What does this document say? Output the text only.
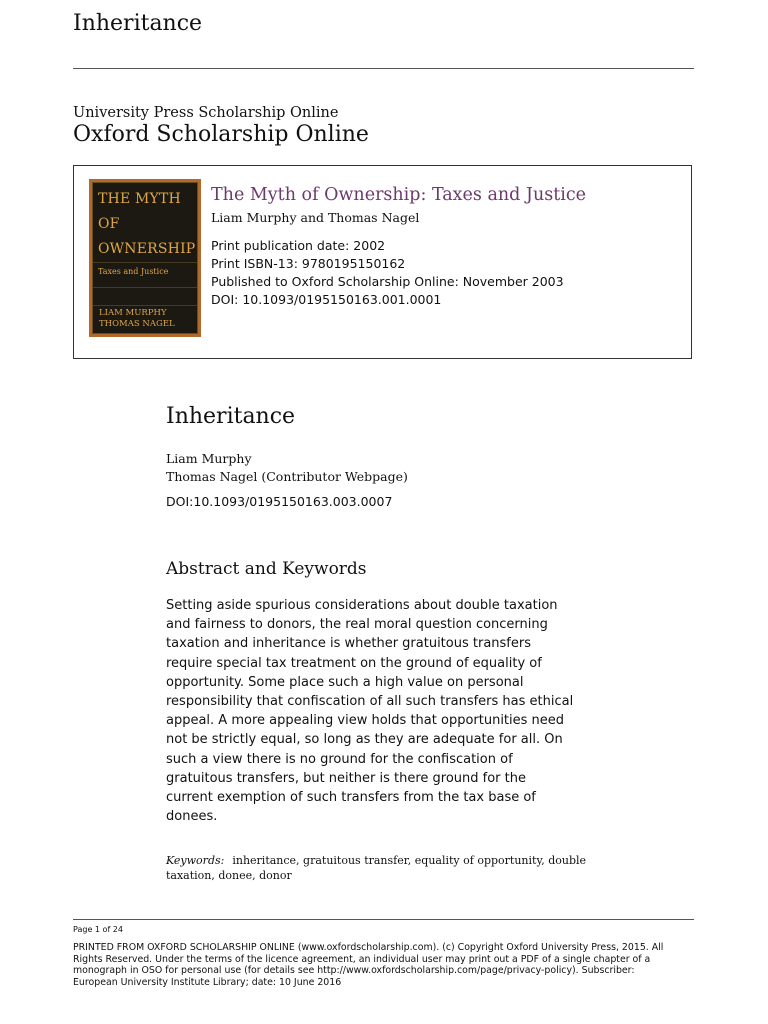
Inheritance
University Press Scholarship Online
Oxford Scholarship Online
THE MYTH
OF
OWNERSHIP
Taxes and Justice
LIAM MURPHY
THOMAS NAGEL
The Myth of Ownership: Taxes and Justice
Liam Murphy and Thomas Nagel
Print publication date: 2002
Print ISBN-13: 9780195150162
Published to Oxford Scholarship Online: November 2003
DOI: 10.1093/0195150163.001.0001
Inheritance
Liam Murphy
Thomas Nagel (Contributor Webpage)
DOI:10.1093/0195150163.003.0007
Abstract and Keywords
Setting aside spurious considerations about double taxation
and fairness to donors, the real moral question concerning
taxation and inheritance is whether gratuitous transfers
require special tax treatment on the ground of equality of
opportunity. Some place such a high value on personal
responsibility that confiscation of all such transfers has ethical
appeal. A more appealing view holds that opportunities need
not be strictly equal, so long as they are adequate for all. On
such a view there is no ground for the confiscation of
gratuitous transfers, but neither is there ground for the
current exemption of such transfers from the tax base of
donees.
Keywords: inheritance, gratuitous transfer, equality of opportunity, double taxation, donee, donor
Page 1 of 24
PRINTED FROM OXFORD SCHOLARSHIP ONLINE (www.oxfordscholarship.com). (c) Copyright Oxford University Press, 2015. All
Rights Reserved. Under the terms of the licence agreement, an individual user may print out a PDF of a single chapter of a
monograph in OSO for personal use (for details see http://www.oxfordscholarship.com/page/privacy-policy). Subscriber:
European University Institute Library; date: 10 June 2016
